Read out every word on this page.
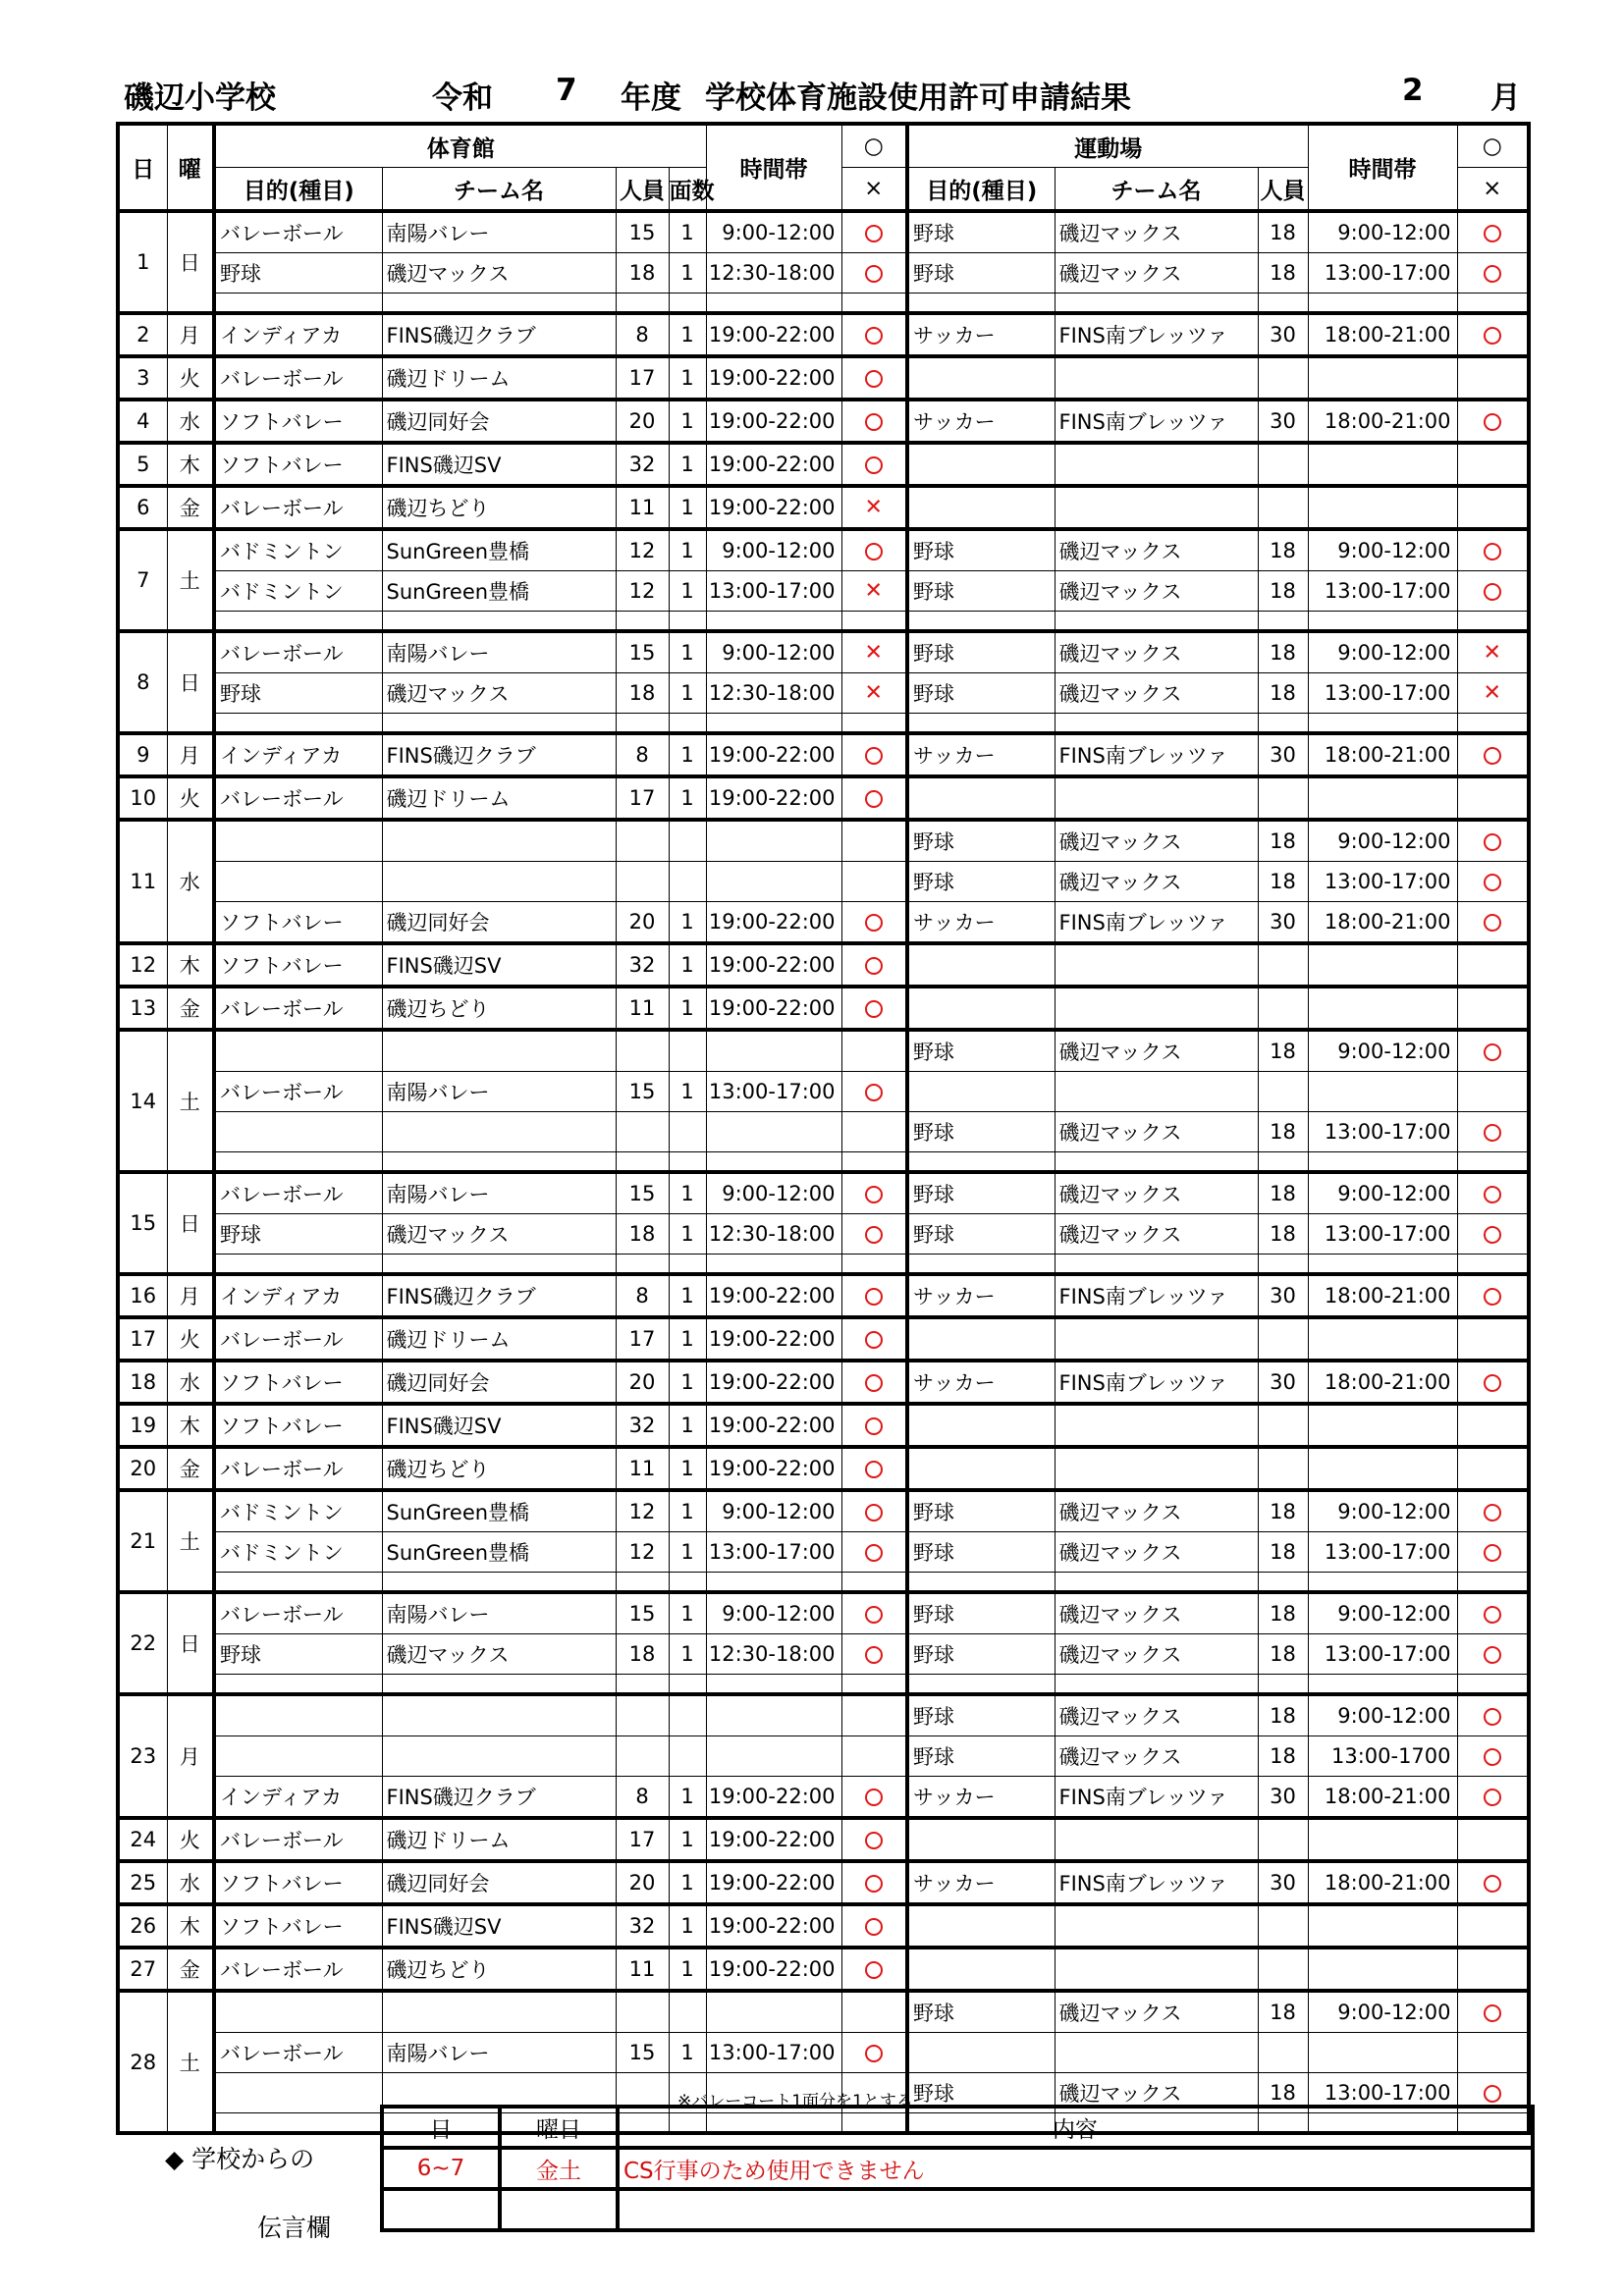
磯辺小学校	令和 7 年度 学校体育施設使用許可申請結果	2 月
日	曜	体育館				時間帯	○	運動場			時間帯	○
		目的(種目)	チーム名	人員	面数		×	目的(種目)	チーム名	人員		×
1	日	バレーボール	南陽バレー	15	1	9:00-12:00		野球	磯辺マックス	18	9:00-12:00	
		野球	磯辺マックス	18	1	12:30-18:00		野球	磯辺マックス	18	13:00-17:00	

2	月	インディアカ	FINS磯辺クラブ	8	1	19:00-22:00		サッカー	FINS南ブレッツァ	30	18:00-21:00	
3	火	バレーボール	磯辺ドリーム	17	1	19:00-22:00						
4	水	ソフトバレー	磯辺同好会	20	1	19:00-22:00		サッカー	FINS南ブレッツァ	30	18:00-21:00	
5	木	ソフトバレー	FINS磯辺SV	32	1	19:00-22:00						
6	金	バレーボール	磯辺ちどり	11	1	19:00-22:00	✕					
7	土	バドミントン	SunGreen豊橋	12	1	9:00-12:00		野球	磯辺マックス	18	9:00-12:00	
		バドミントン	SunGreen豊橋	12	1	13:00-17:00	✕	野球	磯辺マックス	18	13:00-17:00	

8	日	バレーボール	南陽バレー	15	1	9:00-12:00	✕	野球	磯辺マックス	18	9:00-12:00	✕
		野球	磯辺マックス	18	1	12:30-18:00	✕	野球	磯辺マックス	18	13:00-17:00	✕

9	月	インディアカ	FINS磯辺クラブ	8	1	19:00-22:00		サッカー	FINS南ブレッツァ	30	18:00-21:00	
10	火	バレーボール	磯辺ドリーム	17	1	19:00-22:00						
11	水							野球	磯辺マックス	18	9:00-12:00	
								野球	磯辺マックス	18	13:00-17:00	
		ソフトバレー	磯辺同好会	20	1	19:00-22:00		サッカー	FINS南ブレッツァ	30	18:00-21:00	
12	木	ソフトバレー	FINS磯辺SV	32	1	19:00-22:00						
13	金	バレーボール	磯辺ちどり	11	1	19:00-22:00						
14	土							野球	磯辺マックス	18	9:00-12:00	
		バレーボール	南陽バレー	15	1	13:00-17:00						
								野球	磯辺マックス	18	13:00-17:00	

15	日	バレーボール	南陽バレー	15	1	9:00-12:00		野球	磯辺マックス	18	9:00-12:00	
		野球	磯辺マックス	18	1	12:30-18:00		野球	磯辺マックス	18	13:00-17:00	

16	月	インディアカ	FINS磯辺クラブ	8	1	19:00-22:00		サッカー	FINS南ブレッツァ	30	18:00-21:00	
17	火	バレーボール	磯辺ドリーム	17	1	19:00-22:00						
18	水	ソフトバレー	磯辺同好会	20	1	19:00-22:00		サッカー	FINS南ブレッツァ	30	18:00-21:00	
19	木	ソフトバレー	FINS磯辺SV	32	1	19:00-22:00						
20	金	バレーボール	磯辺ちどり	11	1	19:00-22:00						
21	土	バドミントン	SunGreen豊橋	12	1	9:00-12:00		野球	磯辺マックス	18	9:00-12:00	
		バドミントン	SunGreen豊橋	12	1	13:00-17:00		野球	磯辺マックス	18	13:00-17:00	

22	日	バレーボール	南陽バレー	15	1	9:00-12:00		野球	磯辺マックス	18	9:00-12:00	
		野球	磯辺マックス	18	1	12:30-18:00		野球	磯辺マックス	18	13:00-17:00	

23	月							野球	磯辺マックス	18	9:00-12:00	
								野球	磯辺マックス	18	13:00-1700	
		インディアカ	FINS磯辺クラブ	8	1	19:00-22:00		サッカー	FINS南ブレッツァ	30	18:00-21:00	
24	火	バレーボール	磯辺ドリーム	17	1	19:00-22:00						
25	水	ソフトバレー	磯辺同好会	20	1	19:00-22:00		サッカー	FINS南ブレッツァ	30	18:00-21:00	
26	木	ソフトバレー	FINS磯辺SV	32	1	19:00-22:00						
27	金	バレーボール	磯辺ちどり	11	1	19:00-22:00						
28	土							野球	磯辺マックス	18	9:00-12:00	
		バレーボール	南陽バレー	15	1	13:00-17:00						
								野球	磯辺マックス	18	13:00-17:00	

※バレーコート1面分を1とする
◆ 学校からの
伝言欄
日	曜日	内容
6~7	金土	CS行事のため使用できません
